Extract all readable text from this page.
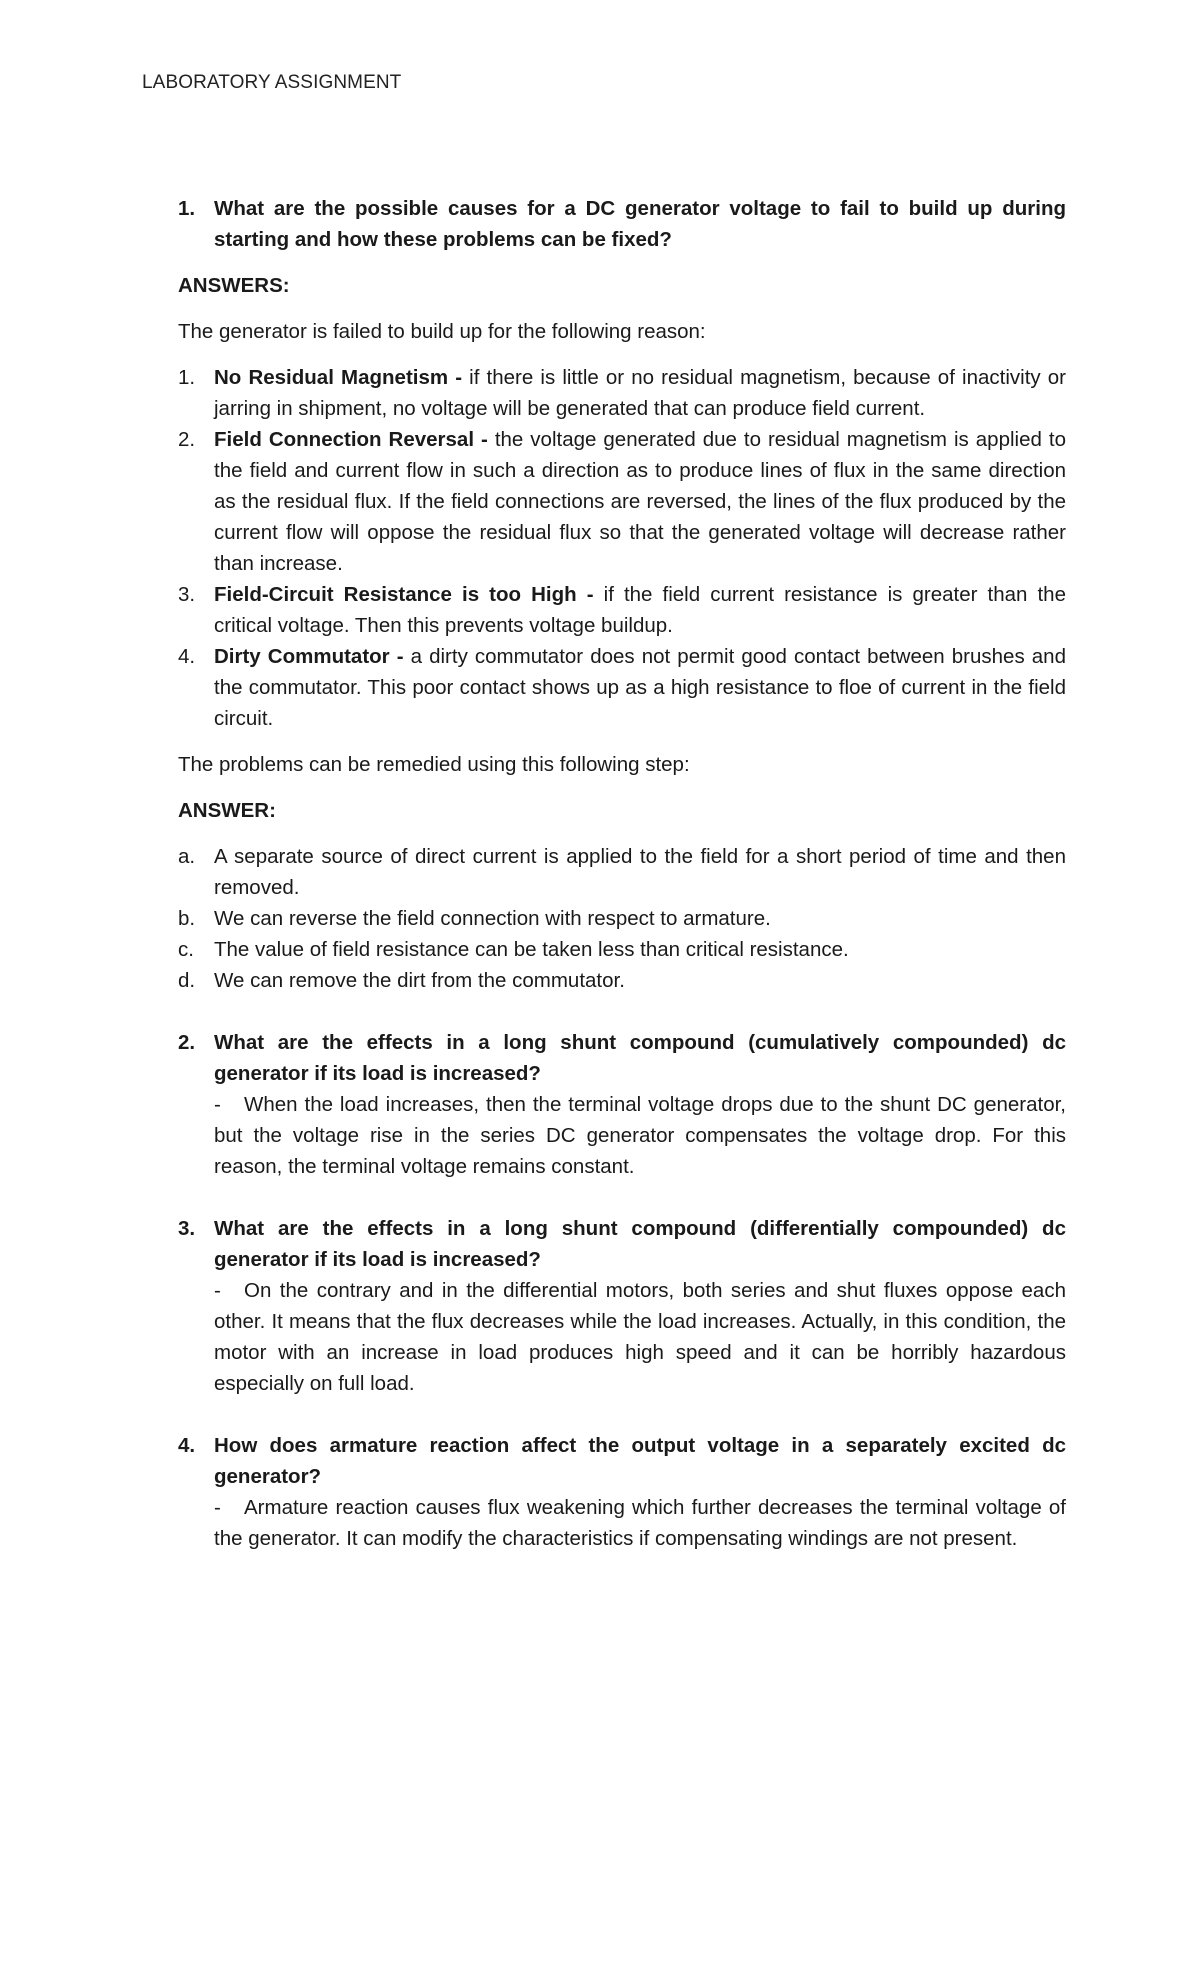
LABORATORY ASSIGNMENT
1. What are the possible causes for a DC generator voltage to fail to build up during starting and how these problems can be fixed?
ANSWERS:
The generator is failed to build up for the following reason:
1. No Residual Magnetism - if there is little or no residual magnetism, because of inactivity or jarring in shipment, no voltage will be generated that can produce field current.
2. Field Connection Reversal - the voltage generated due to residual magnetism is applied to the field and current flow in such a direction as to produce lines of flux in the same direction as the residual flux. If the field connections are reversed, the lines of the flux produced by the current flow will oppose the residual flux so that the generated voltage will decrease rather than increase.
3. Field-Circuit Resistance is too High - if the field current resistance is greater than the critical voltage. Then this prevents voltage buildup.
4. Dirty Commutator - a dirty commutator does not permit good contact between brushes and the commutator. This poor contact shows up as a high resistance to floe of current in the field circuit.
The problems can be remedied using this following step:
ANSWER:
a. A separate source of direct current is applied to the field for a short period of time and then removed.
b. We can reverse the field connection with respect to armature.
c. The value of field resistance can be taken less than critical resistance.
d. We can remove the dirt from the commutator.
2. What are the effects in a long shunt compound (cumulatively compounded) dc generator if its load is increased?
- When the load increases, then the terminal voltage drops due to the shunt DC generator, but the voltage rise in the series DC generator compensates the voltage drop. For this reason, the terminal voltage remains constant.
3. What are the effects in a long shunt compound (differentially compounded) dc generator if its load is increased?
- On the contrary and in the differential motors, both series and shut fluxes oppose each other. It means that the flux decreases while the load increases. Actually, in this condition, the motor with an increase in load produces high speed and it can be horribly hazardous especially on full load.
4. How does armature reaction affect the output voltage in a separately excited dc generator?
- Armature reaction causes flux weakening which further decreases the terminal voltage of the generator. It can modify the characteristics if compensating windings are not present.
